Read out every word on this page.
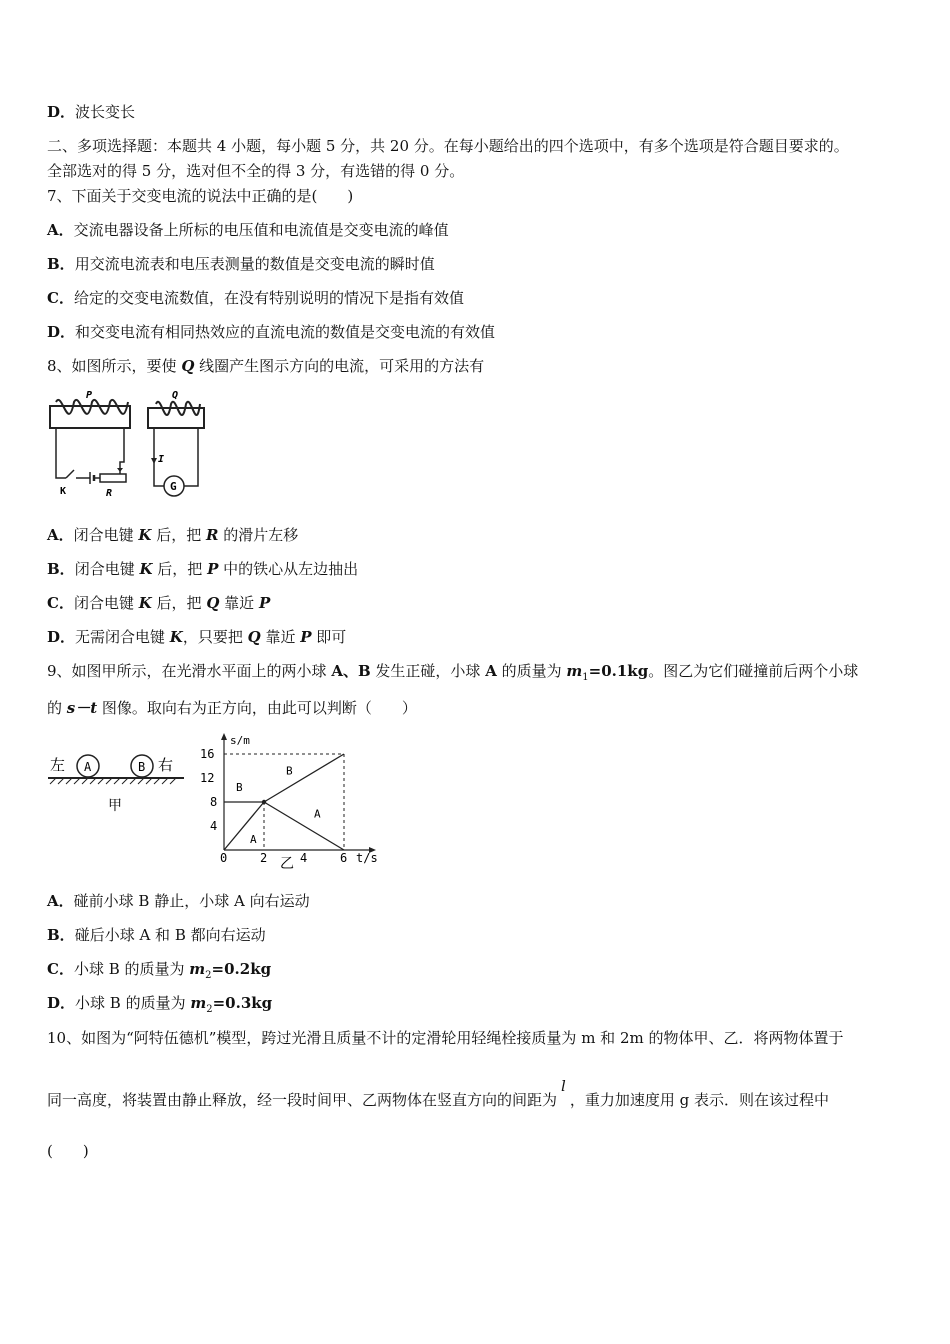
D．波长变长
二、多项选择题：本题共 4 小题，每小题 5 分，共 20 分。在每小题给出的四个选项中，有多个选项是符合题目要求的。
全部选对的得 5 分，选对但不全的得 3 分，有选错的得 0 分。
7、下面关于交变电流的说法中正确的是(　　)
A．交流电器设备上所标的电压值和电流值是交变电流的峰值
B．用交流电流表和电压表测量的数值是交变电流的瞬时值
C．给定的交变电流数值，在没有特别说明的情况下是指有效值
D．和交变电流有相同热效应的直流电流的数值是交变电流的有效值
8、如图所示，要使 Q 线圈产生图示方向的电流，可采用的方法有
P	Q
K	R
I
G
A．闭合电键 K 后，把 R 的滑片左移
B．闭合电键 K 后，把 P 中的铁心从左边抽出
C．闭合电键 K 后，把 Q 靠近 P
D．无需闭合电键 K，只要把 Q 靠近 P 即可
9、如图甲所示，在光滑水平面上的两小球 A、B 发生正碰，小球 A 的质量为 $m_1=0.1kg$。图乙为它们碰撞前后两个小球
的 s－t 图像。取向右为正方向，由此可以判断（　　）
左 A	B 右
甲
s/m
t/s
乙
0	2	4	6
4
8
12
16
A
B
B
A
A．碰前小球 B 静止，小球 A 向右运动
B．碰后小球 A 和 B 都向右运动
C．小球 B 的质量为 $m_2=0.2kg$
D．小球 B 的质量为 $m_2=0.3kg$
10、如图为“阿特伍德机”模型，跨过光滑且质量不计的定滑轮用轻绳栓接质量为 m 和 2m 的物体甲、乙．将两物体置于
同一高度，将装置由静止释放，经一段时间甲、乙两物体在竖直方向的间距为l，重力加速度用 g 表示．则在该过程中
(　　)
